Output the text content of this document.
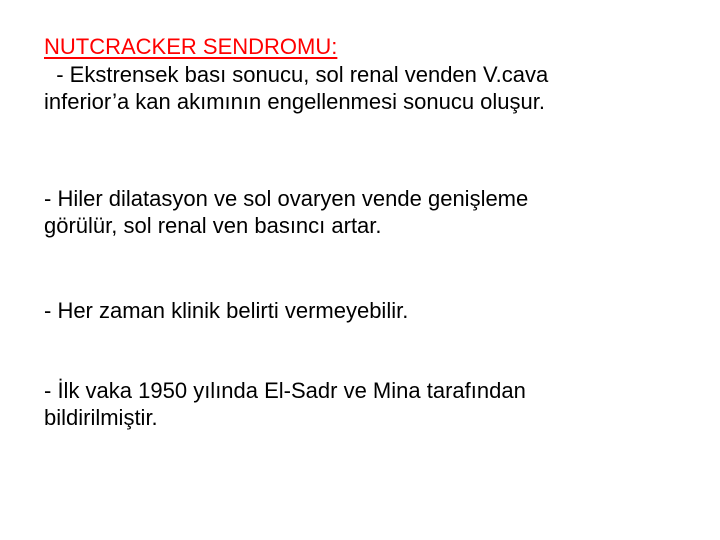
NUTCRACKER SENDROMU:
- Ekstrensek bası sonucu, sol renal venden V.cava
inferior’a kan akımının engellenmesi sonucu oluşur.
- Hiler dilatasyon ve sol ovaryen vende genişleme
görülür, sol renal ven basıncı artar.
- Her zaman klinik belirti vermeyebilir.
- İlk vaka 1950 yılında El-Sadr ve Mina tarafından
bildirilmiştir.
